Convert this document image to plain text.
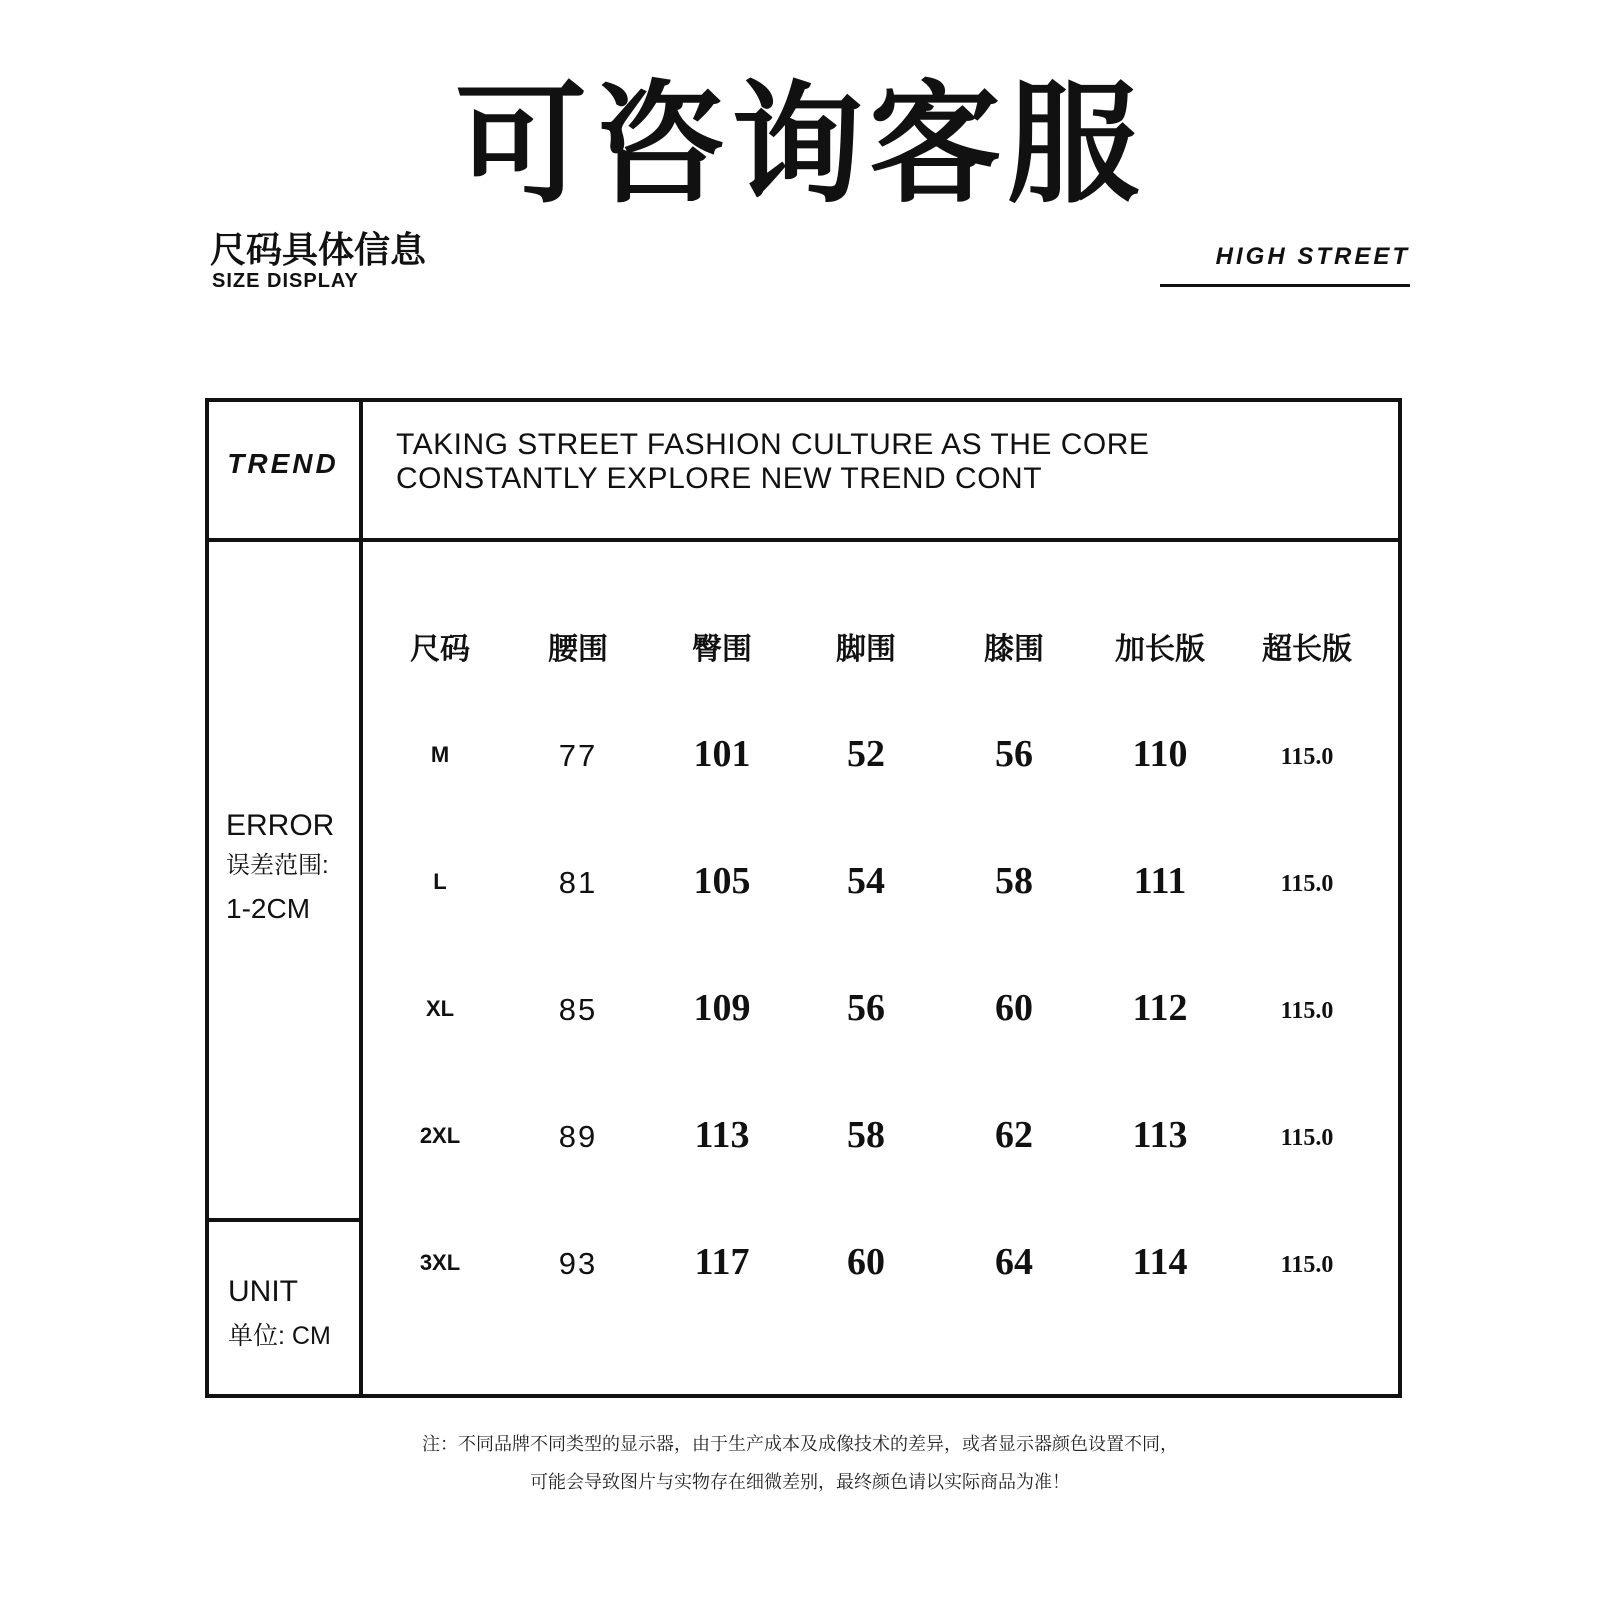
可咨询客服
尺码具体信息
SIZE DISPLAY
HIGH STREET
TREND
TAKING STREET FASHION CULTURE AS THE CORE
CONSTANTLY EXPLORE NEW TREND CONT
ERROR
误差范围:
1-2CM
UNIT
单位: CM
尺码	腰围	臀围	脚围	膝围	加长版	超长版
M	77	101	52	56	110	115.0
L	81	105	54	58	111	115.0
XL	85	109	56	60	112	115.0
2XL	89	113	58	62	113	115.0
3XL	93	117	60	64	114	115.0
注：不同品牌不同类型的显示器，由于生产成本及成像技术的差异，或者显示器颜色设置不同，
可能会导致图片与实物存在细微差别，最终颜色请以实际商品为准！
